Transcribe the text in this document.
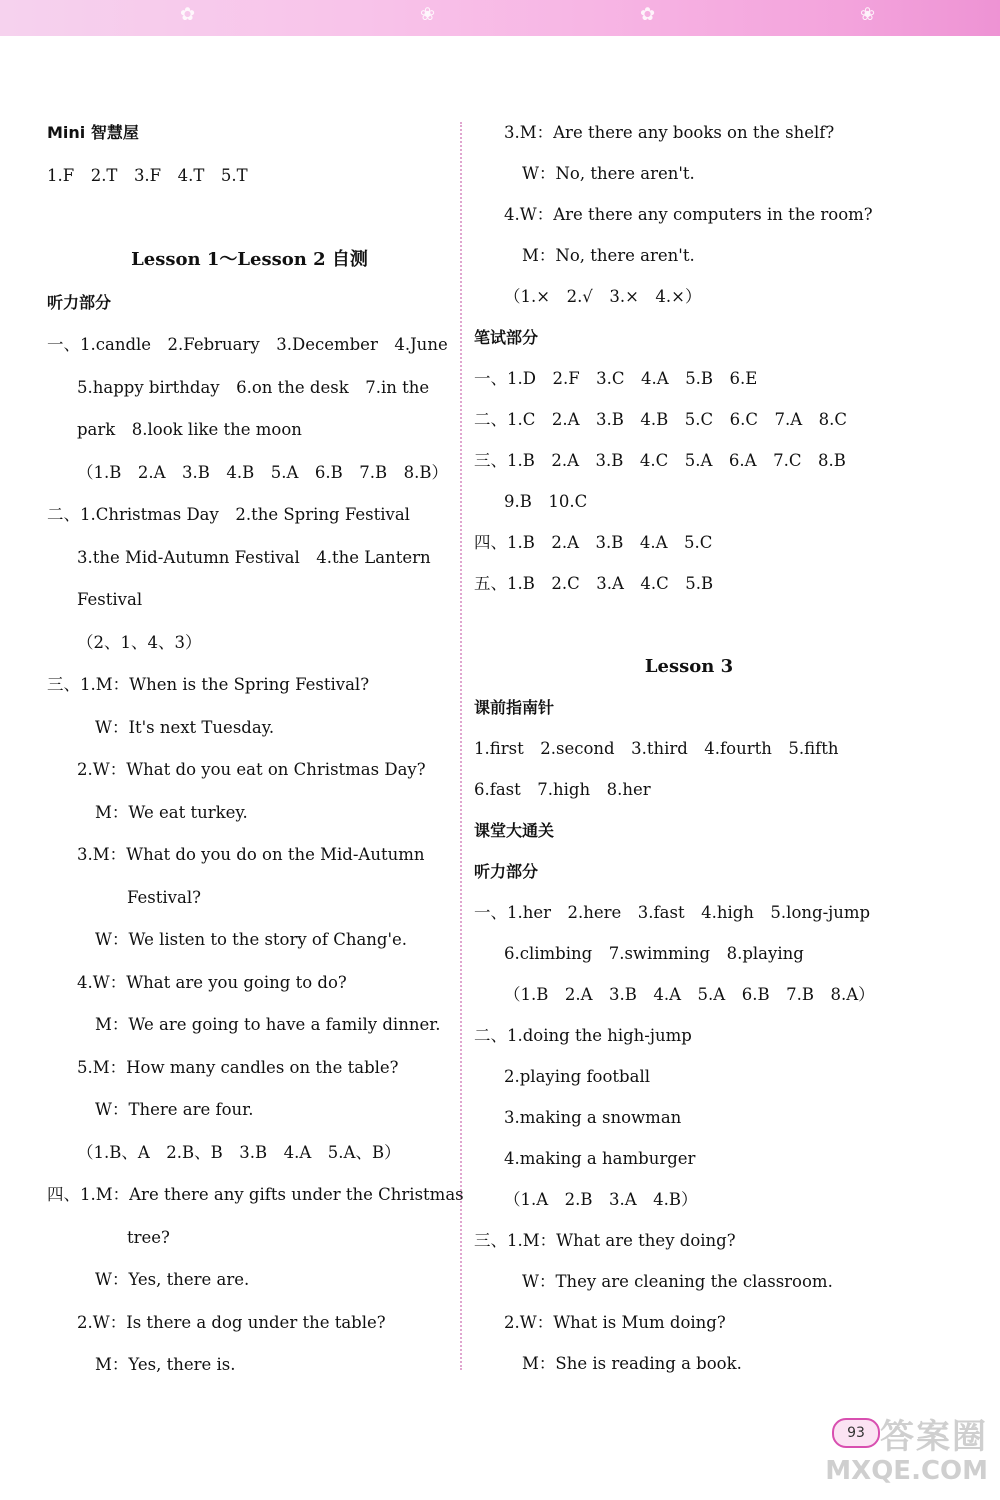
✿	❀	✿	❀
Mini 智慧屋
1.F　2.T　3.F　4.T　5.T
Lesson 1～Lesson 2 自测
听力部分
一、1.candle　2.February　3.December　4.June
5.happy birthday　6.on the desk　7.in the
park　8.look like the moon
（1.B　2.A　3.B　4.B　5.A　6.B　7.B　8.B）
二、1.Christmas Day　2.the Spring Festival
3.the Mid-Autumn Festival　4.the Lantern
Festival
（2、1、4、3）
三、1.M：When is the Spring Festival?
W：It's next Tuesday.
2.W：What do you eat on Christmas Day?
M：We eat turkey.
3.M：What do you do on the Mid-Autumn
Festival?
W：We listen to the story of Chang'e.
4.W：What are you going to do?
M：We are going to have a family dinner.
5.M：How many candles on the table?
W：There are four.
（1.B、A　2.B、B　3.B　4.A　5.A、B）
四、1.M：Are there any gifts under the Christmas
tree?
W：Yes, there are.
2.W：Is there a dog under the table?
M：Yes, there is.
3.M：Are there any books on the shelf?
W：No, there aren't.
4.W：Are there any computers in the room?
M：No, there aren't.
（1.×　2.√　3.×　4.×）
笔试部分
一、1.D　2.F　3.C　4.A　5.B　6.E
二、1.C　2.A　3.B　4.B　5.C　6.C　7.A　8.C
三、1.B　2.A　3.B　4.C　5.A　6.A　7.C　8.B
9.B　10.C
四、1.B　2.A　3.B　4.A　5.C
五、1.B　2.C　3.A　4.C　5.B
Lesson 3
课前指南针
1.first　2.second　3.third　4.fourth　5.fifth
6.fast　7.high　8.her
课堂大通关
听力部分
一、1.her　2.here　3.fast　4.high　5.long-jump
6.climbing　7.swimming　8.playing
（1.B　2.A　3.B　4.A　5.A　6.B　7.B　8.A）
二、1.doing the high-jump
2.playing football
3.making a snowman
4.making a hamburger
（1.A　2.B　3.A　4.B）
三、1.M：What are they doing?
W：They are cleaning the classroom.
2.W：What is Mum doing?
M：She is reading a book.
93 答案圈
MXQE.COM
